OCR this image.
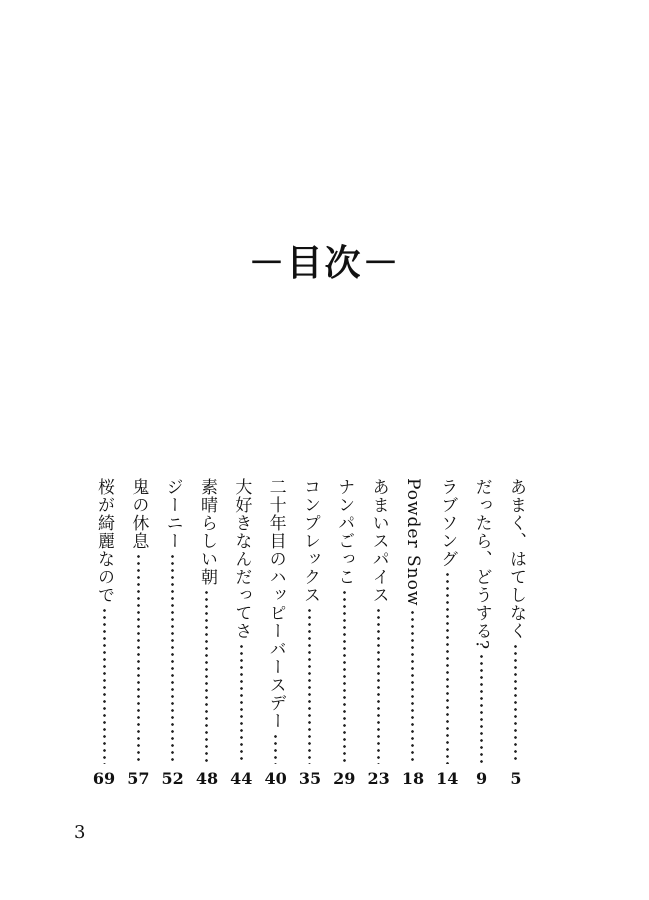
－目次－
あまく、はてしなく
5
だったら、どうする?
9
ラブソング
14
Powder Snow
18
あまいスパイス
23
ナンパごっこ
29
コンプレックス
35
二十年目のハッピーバースデー
40
大好きなんだってさ
44
素晴らしい朝
48
ジーニー
52
鬼の休息
57
桜が綺麗なので
69
3
